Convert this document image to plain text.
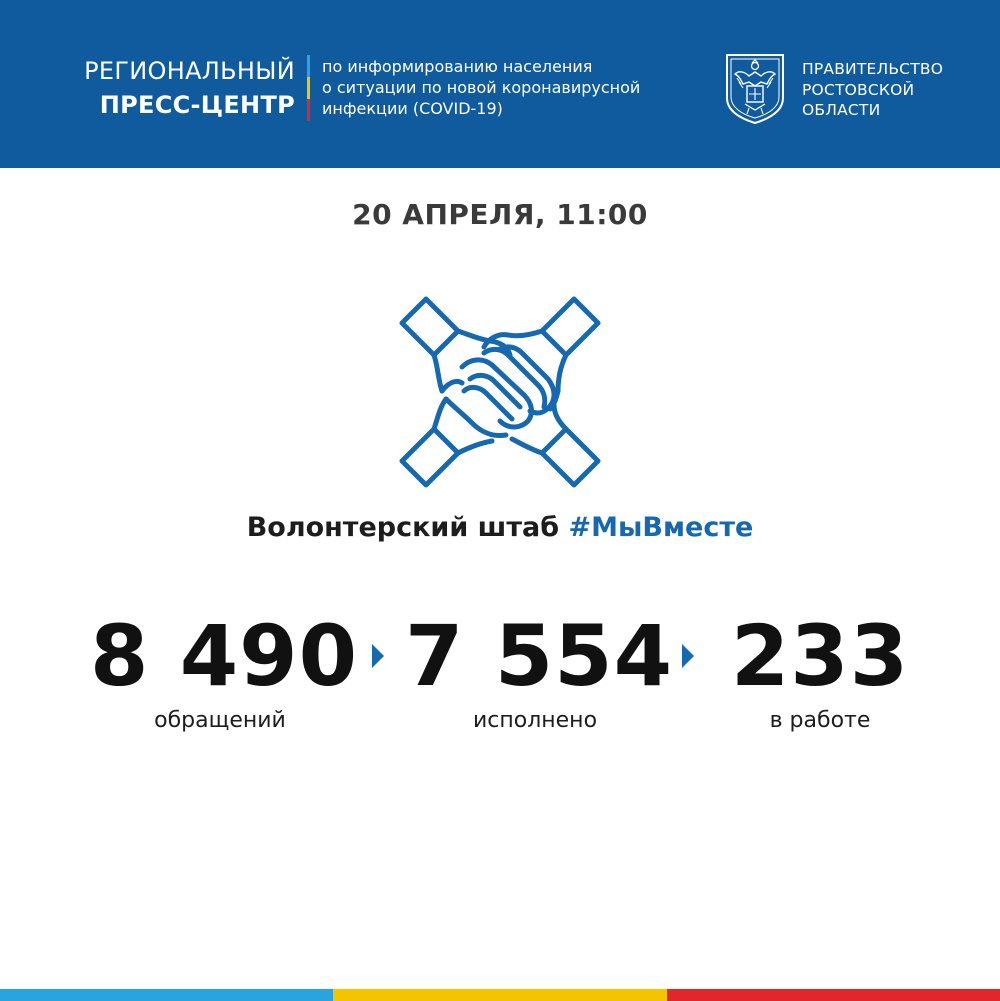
РЕГИОНАЛЬНЫЙ
ПРЕСС-ЦЕНТР
по информированию населения
о ситуации по новой коронавирусной
инфекции (COVID-19)
ПРАВИТЕЛЬСТВО
РОСТОВСКОЙ
ОБЛАСТИ
20 АПРЕЛЯ, 11:00
Волонтерский штаб #МыВместе
8 490
обращений
7 554
исполнено
233
в работе
